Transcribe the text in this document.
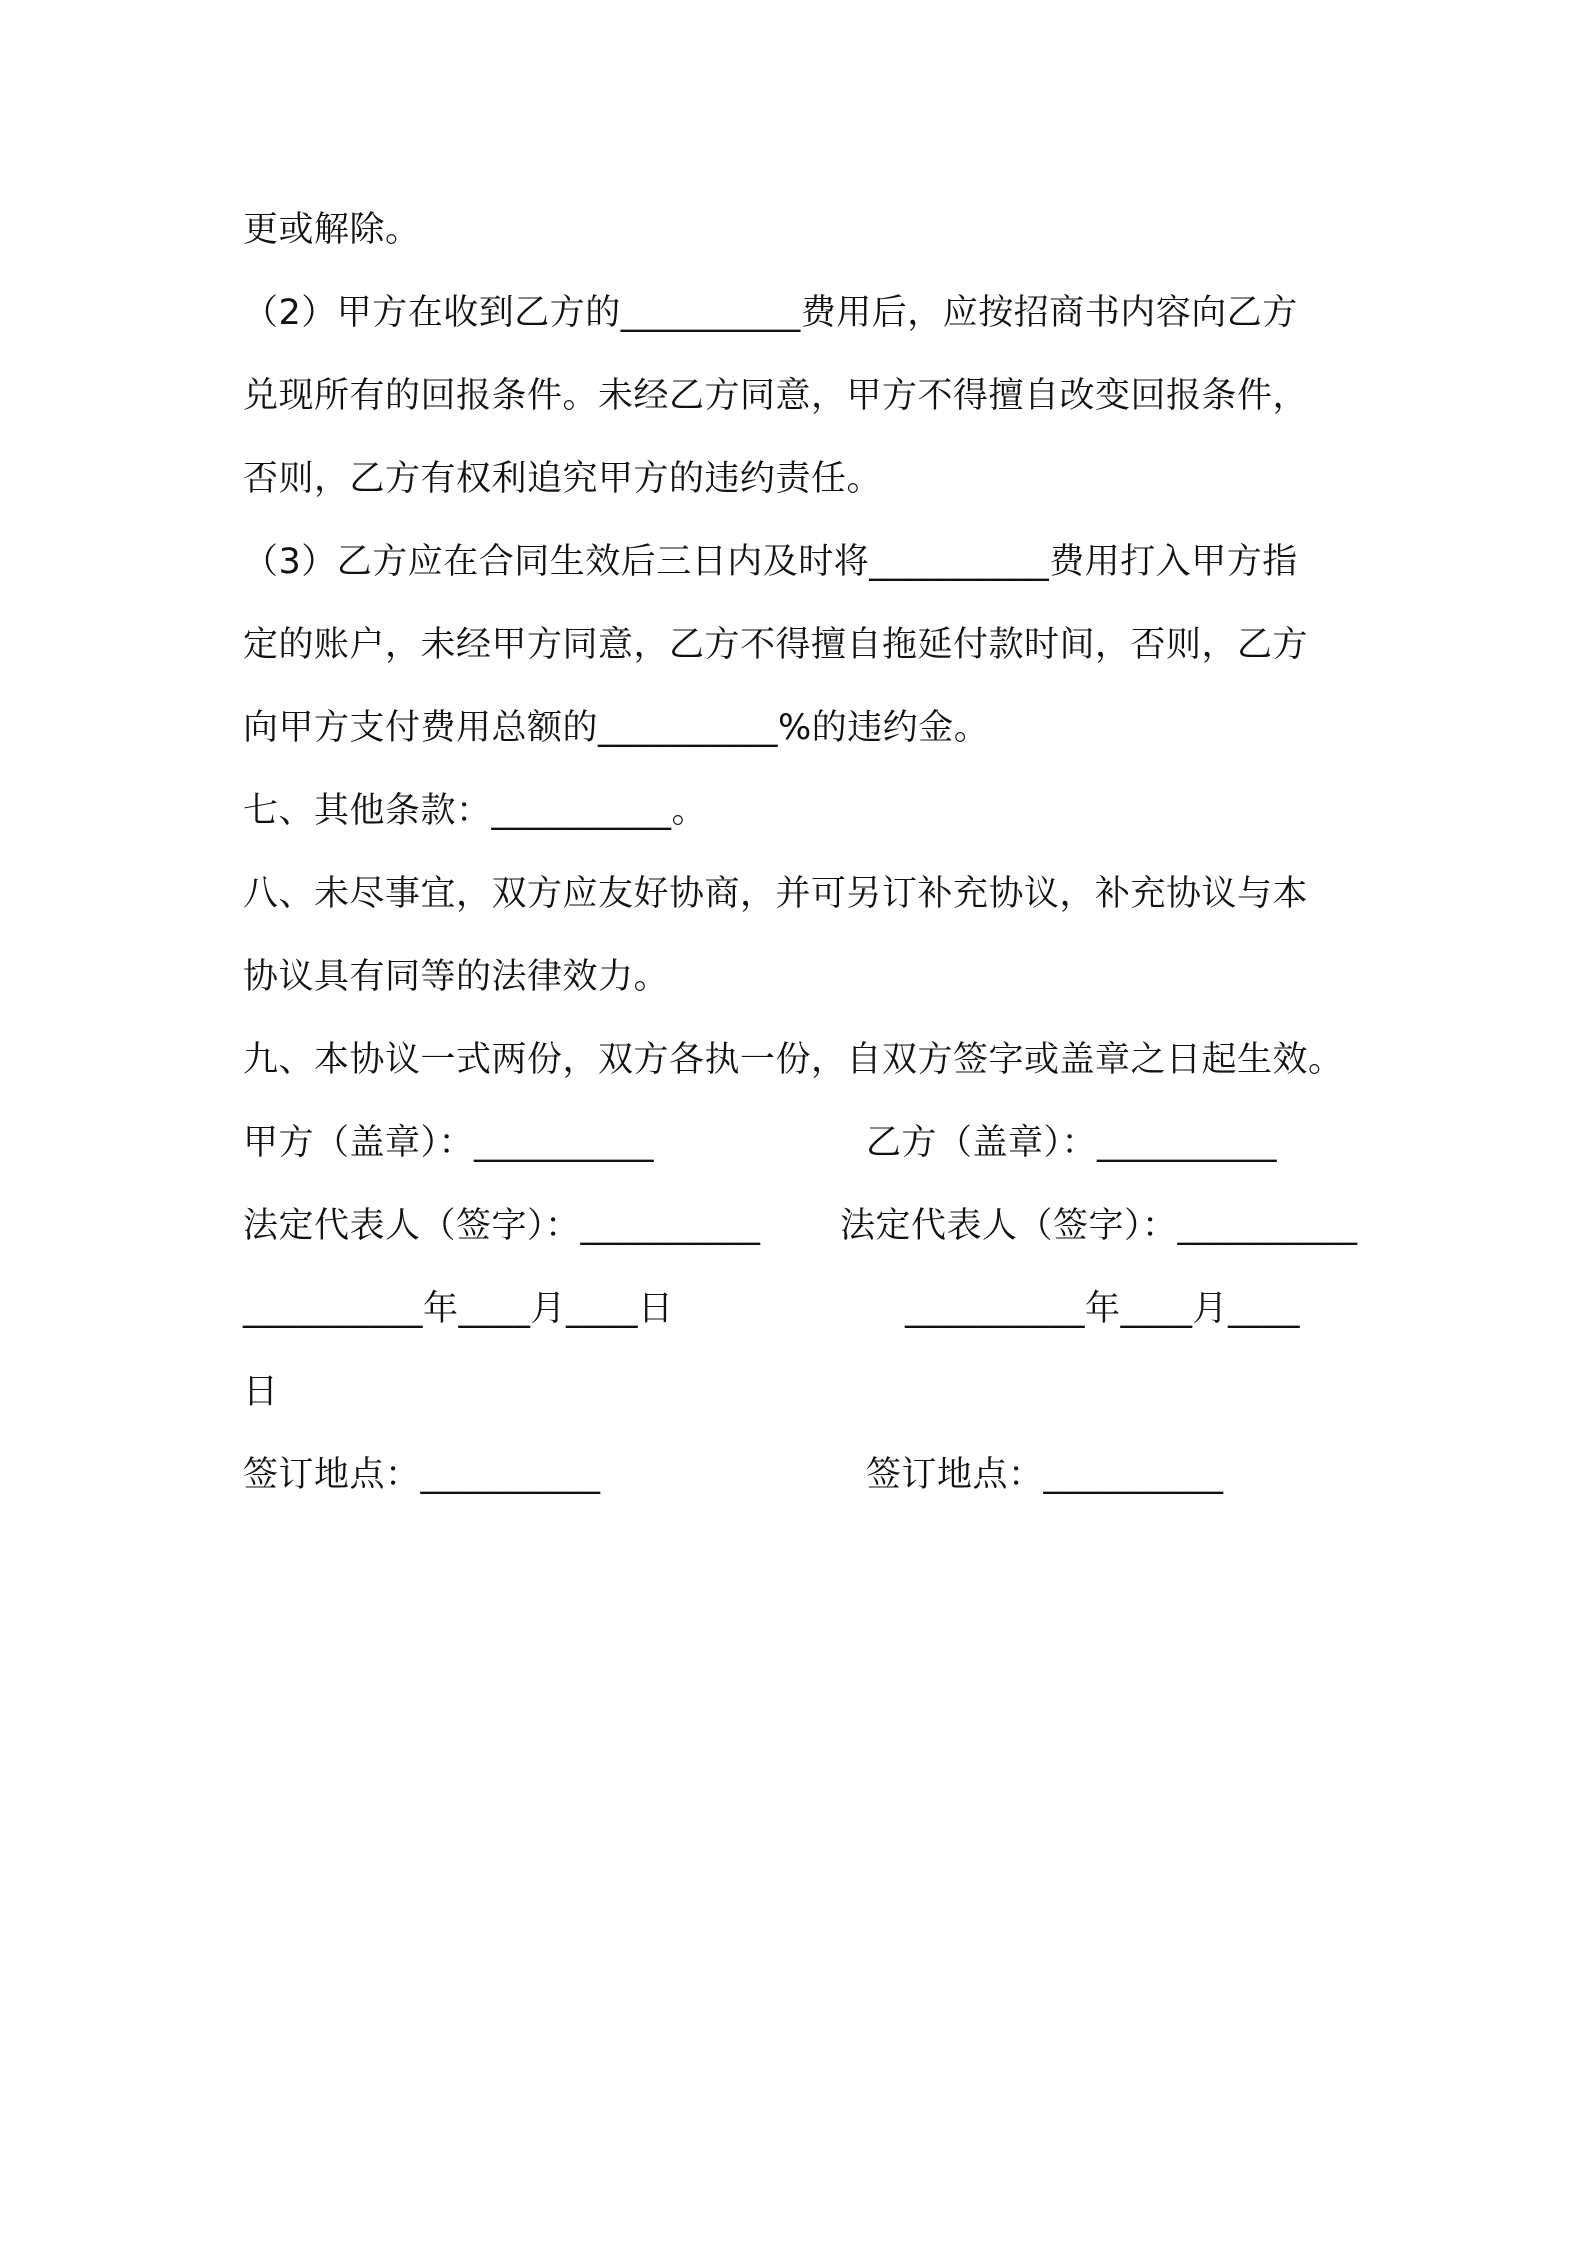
更或解除。
（2）甲方在收到乙方的__________费用后，应按招商书内容向乙方
兑现所有的回报条件。未经乙方同意，甲方不得擅自改变回报条件，
否则，乙方有权利追究甲方的违约责任。
（3）乙方应在合同生效后三日内及时将__________费用打入甲方指
定的账户，未经甲方同意，乙方不得擅自拖延付款时间，否则，乙方
向甲方支付费用总额的__________%的违约金。
七、其他条款：__________。
八、未尽事宜，双方应友好协商，并可另订补充协议，补充协议与本
协议具有同等的法律效力。
九、本协议一式两份，双方各执一份，自双方签字或盖章之日起生效。
甲方（盖章）：__________	乙方（盖章）：__________
法定代表人（签字）：__________ 法定代表人（签字）：__________
__________年____月____日	__________年____月____
日
签订地点：__________	签订地点：__________
